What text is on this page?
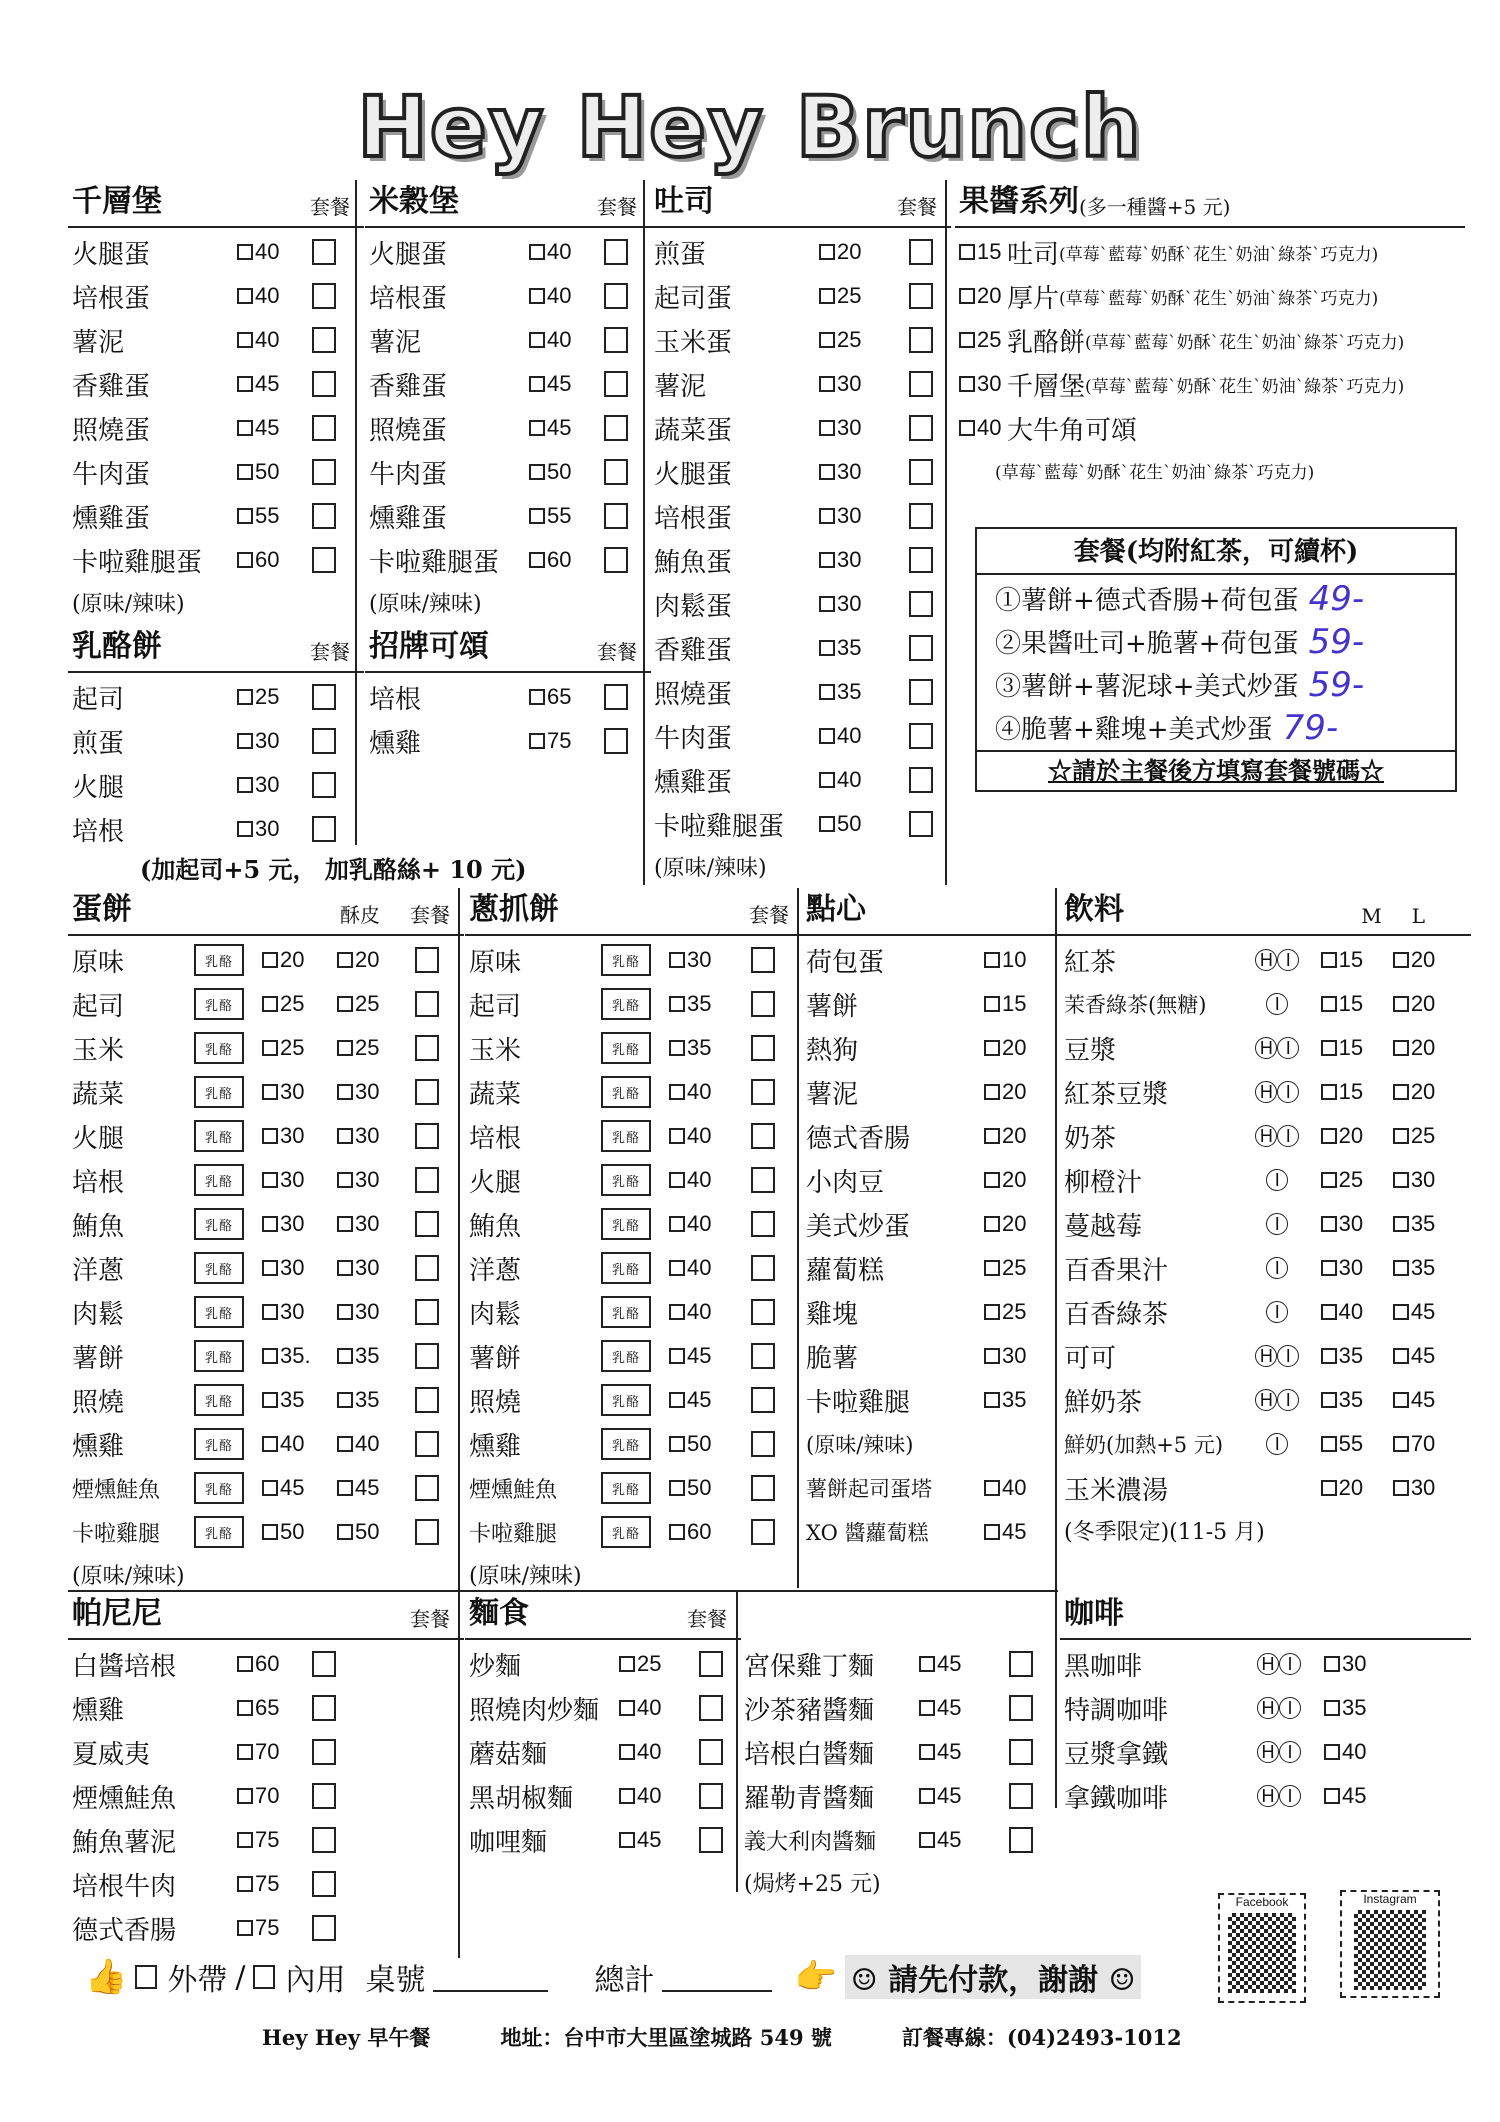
Hey Hey Brunch
千層堡	套餐
火腿蛋	40
培根蛋	40
薯泥	40
香雞蛋	45
照燒蛋	45
牛肉蛋	50
燻雞蛋	55
卡啦雞腿蛋	60
(原味/辣味)
米穀堡	套餐
火腿蛋	40
培根蛋	40
薯泥	40
香雞蛋	45
照燒蛋	45
牛肉蛋	50
燻雞蛋	55
卡啦雞腿蛋	60
(原味/辣味)
吐司	套餐
煎蛋	20
起司蛋	25
玉米蛋	25
薯泥	30
蔬菜蛋	30
火腿蛋	30
培根蛋	30
鮪魚蛋	30
肉鬆蛋	30
香雞蛋	35
照燒蛋	35
牛肉蛋	40
燻雞蛋	40
卡啦雞腿蛋	50
(原味/辣味)
果醬系列 (多一種醬+5 元)
15 吐司 (草莓`藍莓`奶酥`花生`奶油`綠茶`巧克力)
20 厚片 (草莓`藍莓`奶酥`花生`奶油`綠茶`巧克力)
25 乳酪餅 (草莓`藍莓`奶酥`花生`奶油`綠茶`巧克力)
30 千層堡 (草莓`藍莓`奶酥`花生`奶油`綠茶`巧克力)
40 大牛角可頌
(草莓`藍莓`奶酥`花生`奶油`綠茶`巧克力)
乳酪餅	套餐
起司	25
煎蛋	30
火腿	30
培根	30
招牌可頌	套餐
培根	65
燻雞	75
(加起司+5 元， 加乳酪絲+ 10 元)
套餐(均附紅茶，可續杯)
①薯餅+德式香腸+荷包蛋 49-
②果醬吐司+脆薯+荷包蛋 59-
③薯餅+薯泥球+美式炒蛋 59-
④脆薯+雞塊+美式炒蛋 79-
☆請於主餐後方填寫套餐號碼☆
蛋餅	酥皮 套餐
原味	乳酪	20 20
起司	乳酪	25 25
玉米	乳酪	25 25
蔬菜	乳酪	30 30
火腿	乳酪	30 30
培根	乳酪	30 30
鮪魚	乳酪	30 30
洋蔥	乳酪	30 30
肉鬆	乳酪	30 30
薯餅	乳酪	35. 35
照燒	乳酪	35 35
燻雞	乳酪	40 40
煙燻鮭魚	乳酪	45 45
卡啦雞腿	乳酪	50 50
(原味/辣味)
蔥抓餅	套餐
原味	乳酪	30
起司	乳酪	35
玉米	乳酪	35
蔬菜	乳酪	40
培根	乳酪	40
火腿	乳酪	40
鮪魚	乳酪	40
洋蔥	乳酪	40
肉鬆	乳酪	40
薯餅	乳酪	45
照燒	乳酪	45
燻雞	乳酪	50
煙燻鮭魚	乳酪	50
卡啦雞腿	乳酪	60
(原味/辣味)
點心
荷包蛋	10
薯餅	15
熱狗	20
薯泥	20
德式香腸	20
小肉豆	20
美式炒蛋	20
蘿蔔糕	25
雞塊	25
脆薯	30
卡啦雞腿	35
(原味/辣味)
薯餅起司蛋塔	40
XO 醬蘿蔔糕	45
飲料	M L
紅茶	H I	15 20
茉香綠茶(無糖)	I	15 20
豆漿	H I	15 20
紅茶豆漿	H I	15 20
奶茶	H I	20 25
柳橙汁	I	25 30
蔓越莓	I	30 35
百香果汁	I	30 35
百香綠茶	I	40 45
可可	H I	35 45
鮮奶茶	H I	35 45
鮮奶(加熱+5 元)	I	55 70
玉米濃湯	20 30
(冬季限定)(11-5 月)
帕尼尼	套餐
白醬培根	60
燻雞	65
夏威夷	70
煙燻鮭魚	70
鮪魚薯泥	75
培根牛肉	75
德式香腸	75
麵食	套餐
炒麵	25
照燒肉炒麵	40
蘑菇麵	40
黑胡椒麵	40
咖哩麵	45
宮保雞丁麵	45
沙茶豬醬麵	45
培根白醬麵	45
羅勒青醬麵	45
義大利肉醬麵	45
(焗烤+25 元)
咖啡
黑咖啡	H I	30
特調咖啡	H I	35
豆漿拿鐵	H I	40
拿鐵咖啡	H I	45
👍 外帶 / 內用 桌號	總計	👉 ☺ 請先付款，謝謝 ☺
Facebook	Instagram
Hey Hey 早午餐	地址：台中市大里區塗城路 549 號	訂餐專線：(04)2493-1012
